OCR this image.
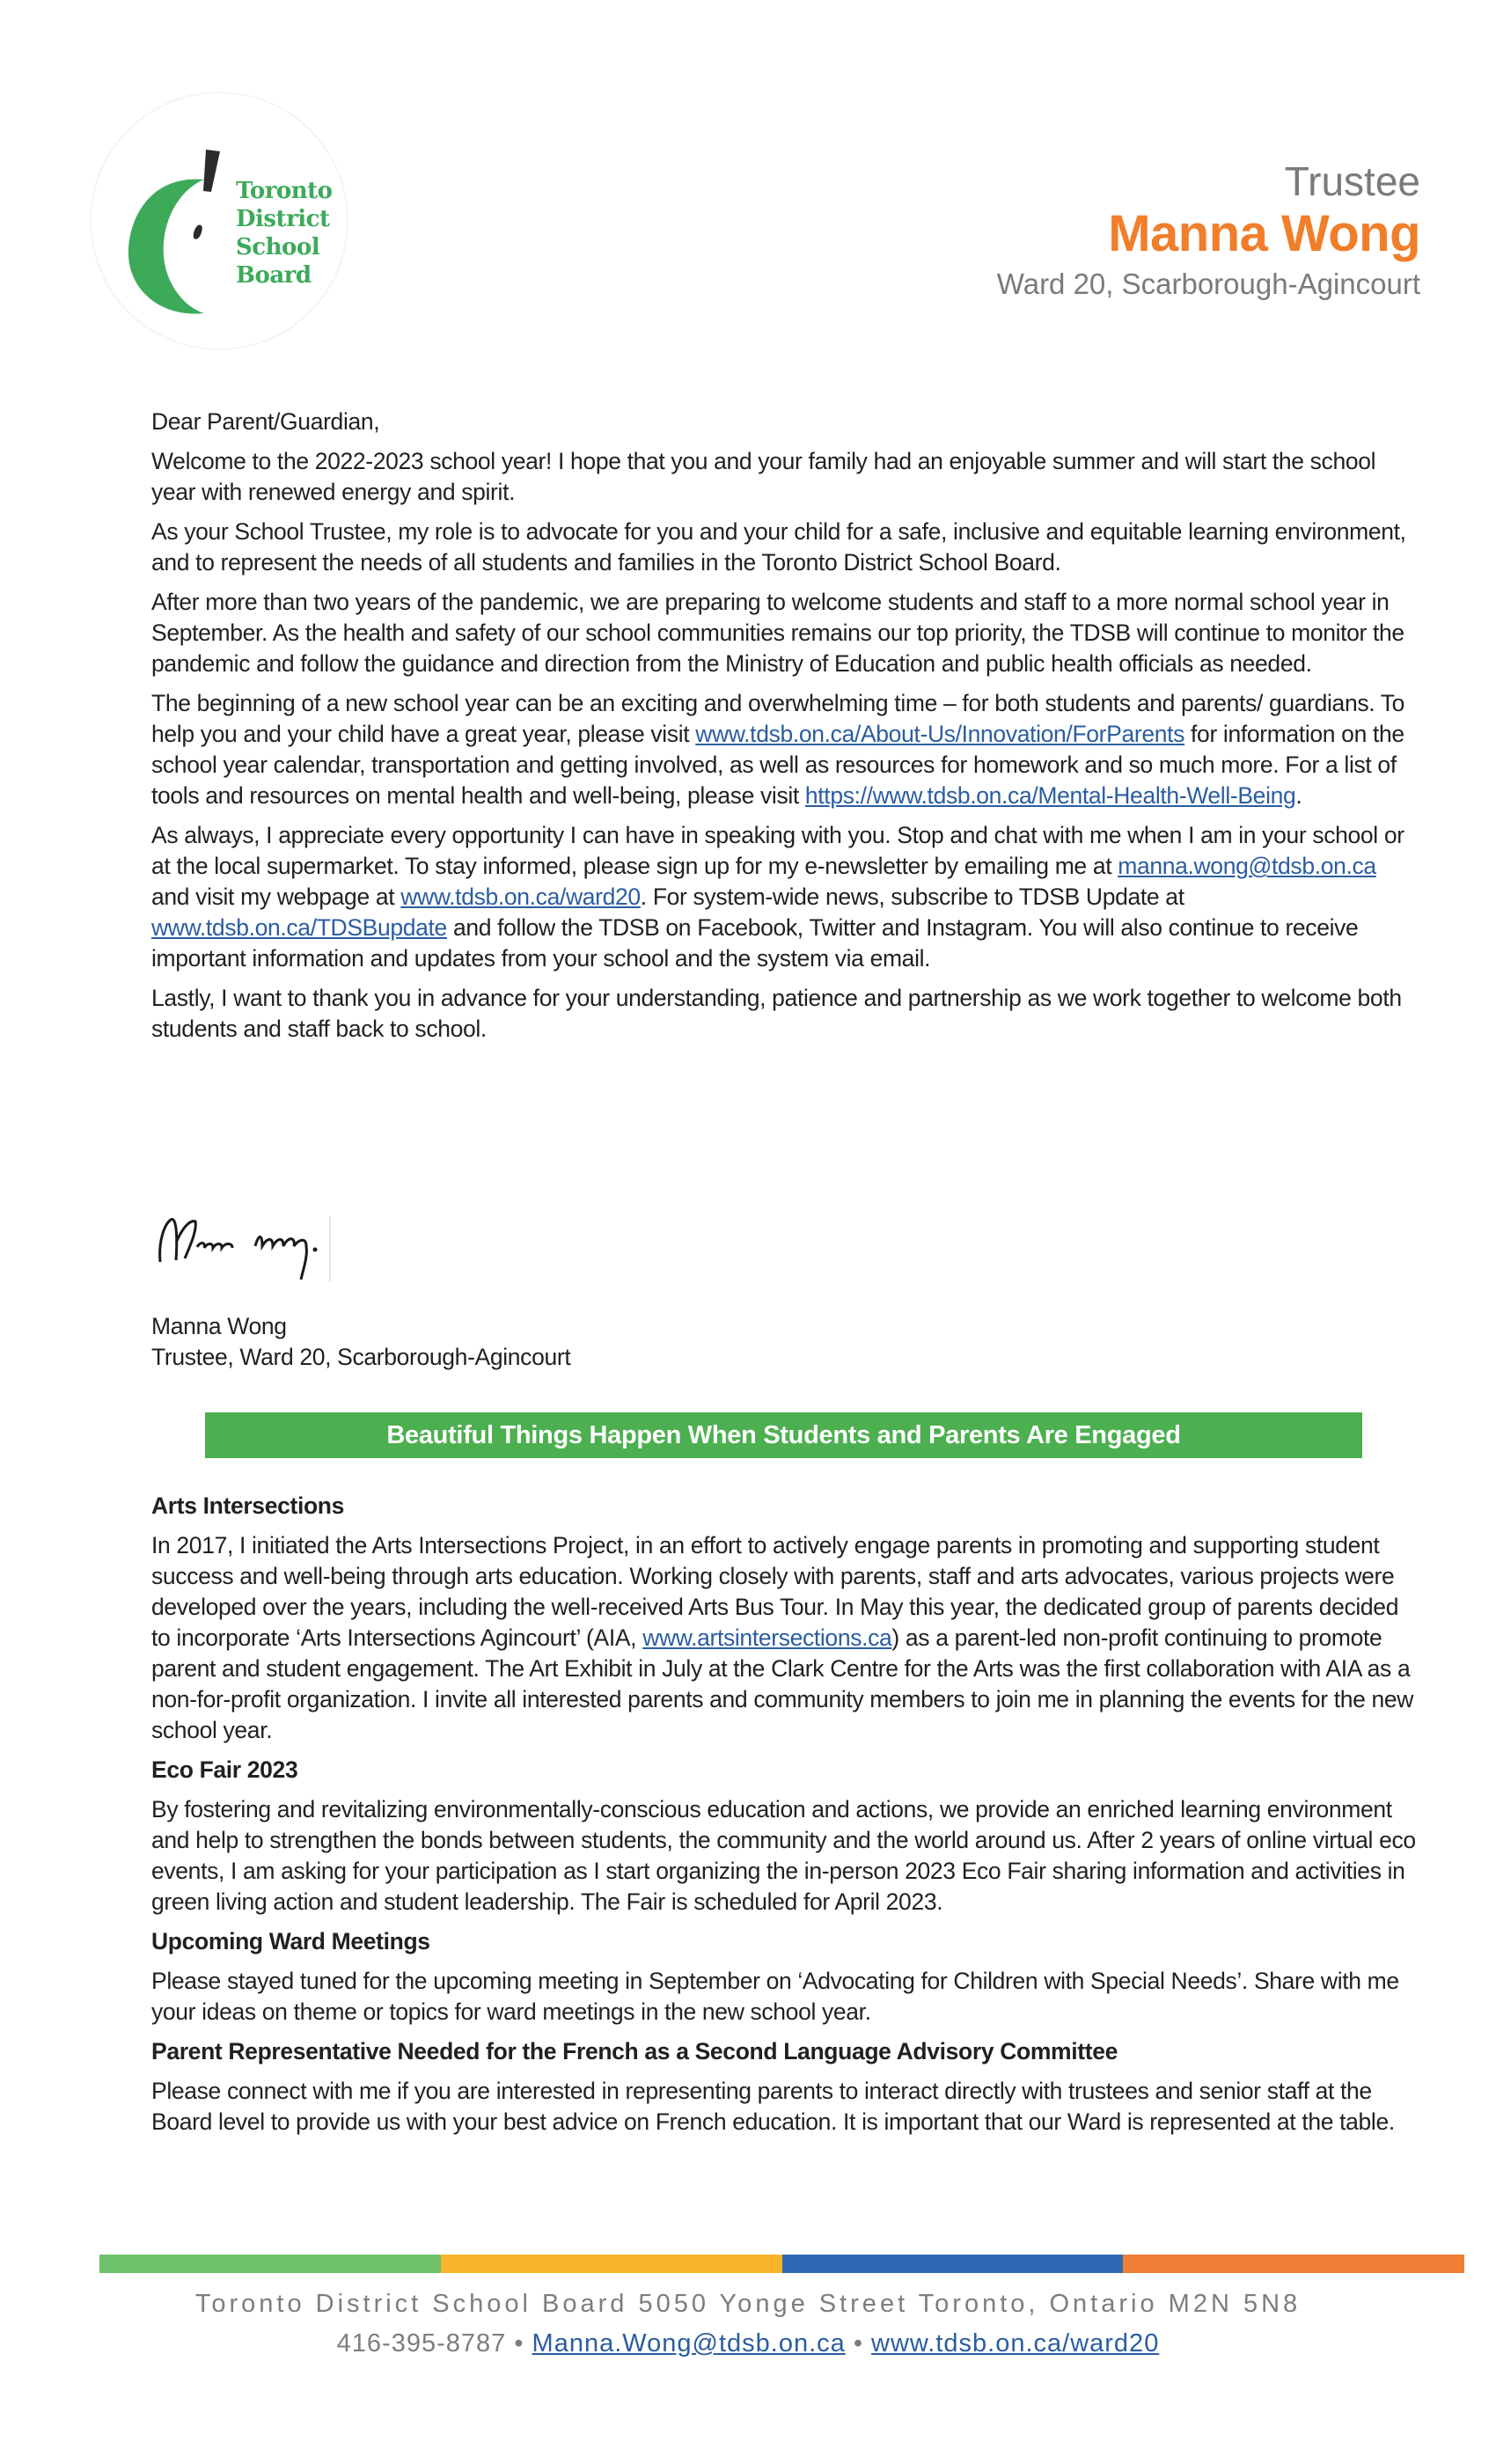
Toronto
District
School
Board
Trustee
Manna Wong
Ward 20, Scarborough-Agincourt

Dear Parent/Guardian,

Welcome to the 2022-2023 school year! I hope that you and your family had an enjoyable summer and will start the school year with renewed energy and spirit.

As your School Trustee, my role is to advocate for you and your child for a safe, inclusive and equitable learning environment, and to represent the needs of all students and families in the Toronto District School Board.

After more than two years of the pandemic, we are preparing to welcome students and staff to a more normal school year in September. As the health and safety of our school communities remains our top priority, the TDSB will continue to monitor the pandemic and follow the guidance and direction from the Ministry of Education and public health officials as needed.

The beginning of a new school year can be an exciting and overwhelming time – for both students and parents/ guardians. To help you and your child have a great year, please visit www.tdsb.on.ca/About-Us/Innovation/ForParents for information on the school year calendar, transportation and getting involved, as well as resources for homework and so much more. For a list of tools and resources on mental health and well-being, please visit https://www.tdsb.on.ca/Mental-Health-Well-Being.

As always, I appreciate every opportunity I can have in speaking with you. Stop and chat with me when I am in your school or at the local supermarket. To stay informed, please sign up for my e-newsletter by emailing me at manna.wong@tdsb.on.ca and visit my webpage at www.tdsb.on.ca/ward20. For system-wide news, subscribe to TDSB Update at www.tdsb.on.ca/TDSBupdate and follow the TDSB on Facebook, Twitter and Instagram. You will also continue to receive important information and updates from your school and the system via email.

Lastly, I want to thank you in advance for your understanding, patience and partnership as we work together to welcome both students and staff back to school.

Manna Wong
Trustee, Ward 20, Scarborough-Agincourt
Beautiful Things Happen When Students and Parents Are Engaged
Arts Intersections

In 2017, I initiated the Arts Intersections Project, in an effort to actively engage parents in promoting and supporting student success and well-being through arts education. Working closely with parents, staff and arts advocates, various projects were developed over the years, including the well-received Arts Bus Tour. In May this year, the dedicated group of parents decided to incorporate ‘Arts Intersections Agincourt’ (AIA, www.artsintersections.ca) as a parent-led non-profit continuing to promote parent and student engagement. The Art Exhibit in July at the Clark Centre for the Arts was the first collaboration with AIA as a non-for-profit organization. I invite all interested parents and community members to join me in planning the events for the new school year.

Eco Fair 2023

By fostering and revitalizing environmentally-conscious education and actions, we provide an enriched learning environment and help to strengthen the bonds between students, the community and the world around us. After 2 years of online virtual eco events, I am asking for your participation as I start organizing the in-person 2023 Eco Fair sharing information and activities in green living action and student leadership. The Fair is scheduled for April 2023.

Upcoming Ward Meetings

Please stayed tuned for the upcoming meeting in September on ‘Advocating for Children with Special Needs’. Share with me your ideas on theme or topics for ward meetings in the new school year.

Parent Representative Needed for the French as a Second Language Advisory Committee

Please connect with me if you are interested in representing parents to interact directly with trustees and senior staff at the Board level to provide us with your best advice on French education. It is important that our Ward is represented at the table.

Toronto District School Board 5050 Yonge Street Toronto, Ontario M2N 5N8
416-395-8787 • Manna.Wong@tdsb.on.ca • www.tdsb.on.ca/ward20
